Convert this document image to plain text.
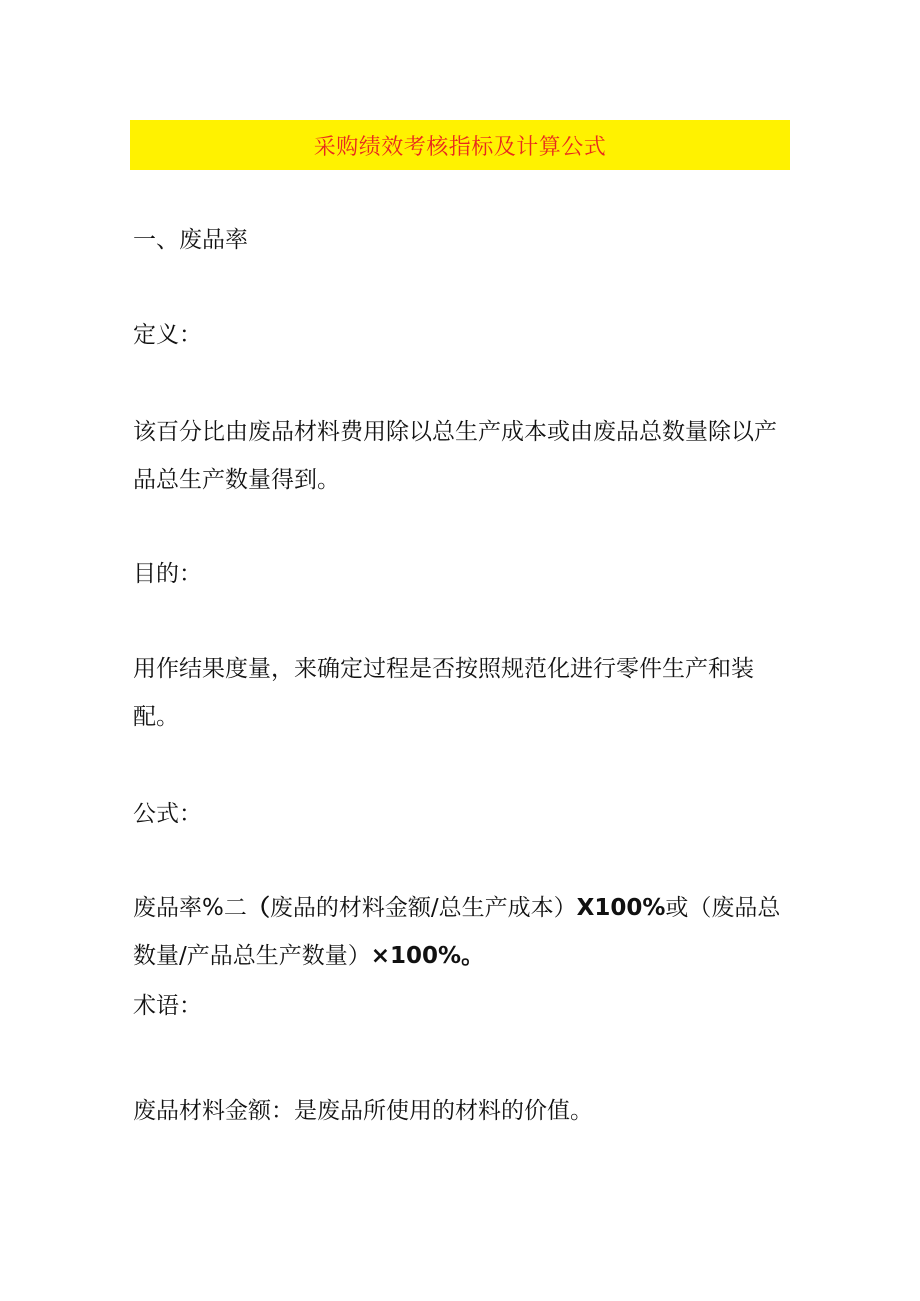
采购绩效考核指标及计算公式

一、废品率

定义：

该百分比由废品材料费用除以总生产成本或由废品总数量除以产品总生产数量得到。

目的：

用作结果度量，来确定过程是否按照规范化进行零件生产和装配。

公式：

废品率%二（废品的材料金额/总生产成本）X100%或（废品总数量/产品总生产数量）×100%。

术语：

废品材料金额：是废品所使用的材料的价值。
